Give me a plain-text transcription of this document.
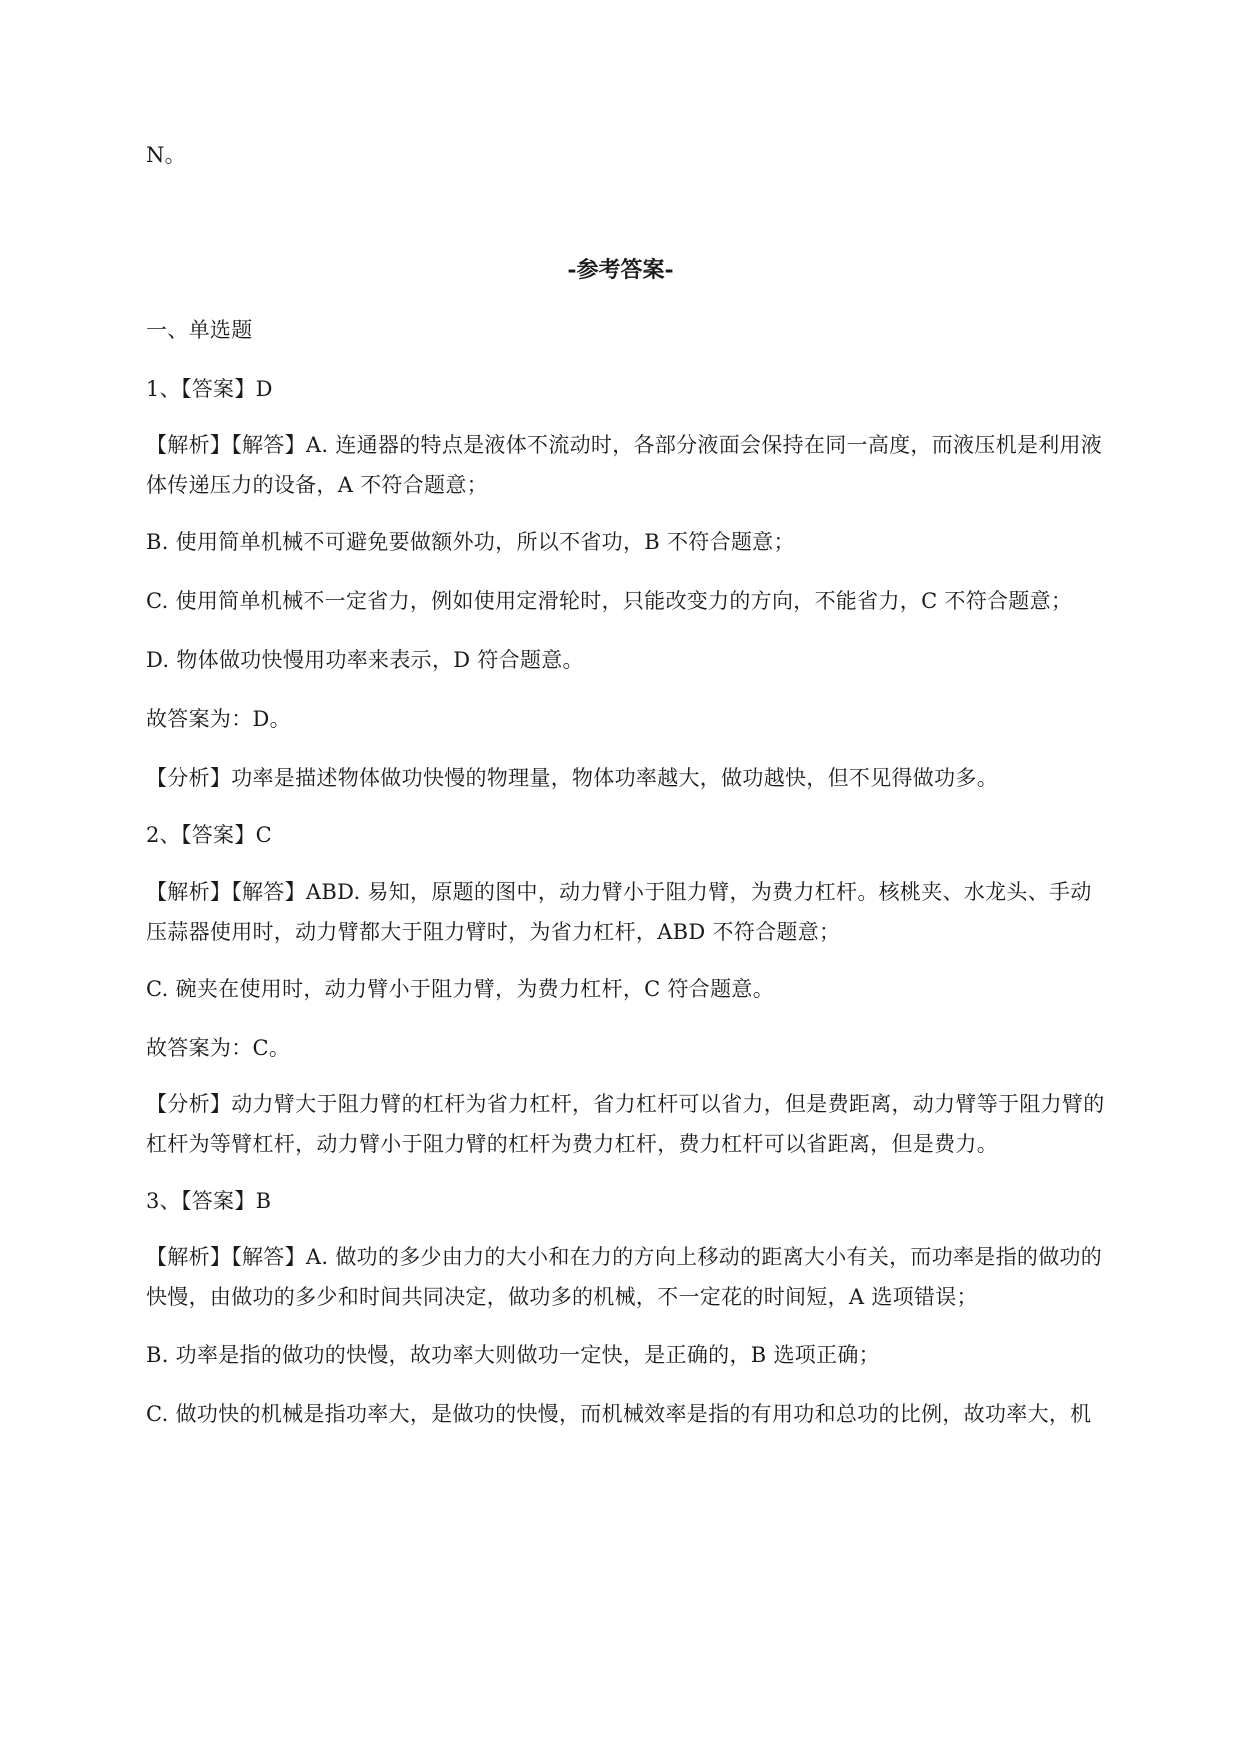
N。
-参考答案-
一、单选题
1、【答案】D
【解析】【解答】A. 连通器的特点是液体不流动时，各部分液面会保持在同一高度，而液压机是利用液体传递压力的设备，A 不符合题意；
B. 使用简单机械不可避免要做额外功，所以不省功，B 不符合题意；
C. 使用简单机械不一定省力，例如使用定滑轮时，只能改变力的方向，不能省力，C 不符合题意；
D. 物体做功快慢用功率来表示，D 符合题意。
故答案为：D。
【分析】功率是描述物体做功快慢的物理量，物体功率越大，做功越快，但不见得做功多。
2、【答案】C
【解析】【解答】ABD. 易知，原题的图中，动力臂小于阻力臂，为费力杠杆。核桃夹、水龙头、手动压蒜器使用时，动力臂都大于阻力臂时，为省力杠杆，ABD 不符合题意；
C. 碗夹在使用时，动力臂小于阻力臂，为费力杠杆，C 符合题意。
故答案为：C。
【分析】动力臂大于阻力臂的杠杆为省力杠杆，省力杠杆可以省力，但是费距离，动力臂等于阻力臂的杠杆为等臂杠杆，动力臂小于阻力臂的杠杆为费力杠杆，费力杠杆可以省距离，但是费力。
3、【答案】B
【解析】【解答】A. 做功的多少由力的大小和在力的方向上移动的距离大小有关，而功率是指的做功的快慢，由做功的多少和时间共同决定，做功多的机械，不一定花的时间短，A 选项错误；
B. 功率是指的做功的快慢，故功率大则做功一定快，是正确的，B 选项正确；
C. 做功快的机械是指功率大，是做功的快慢，而机械效率是指的有用功和总功的比例，故功率大，机
